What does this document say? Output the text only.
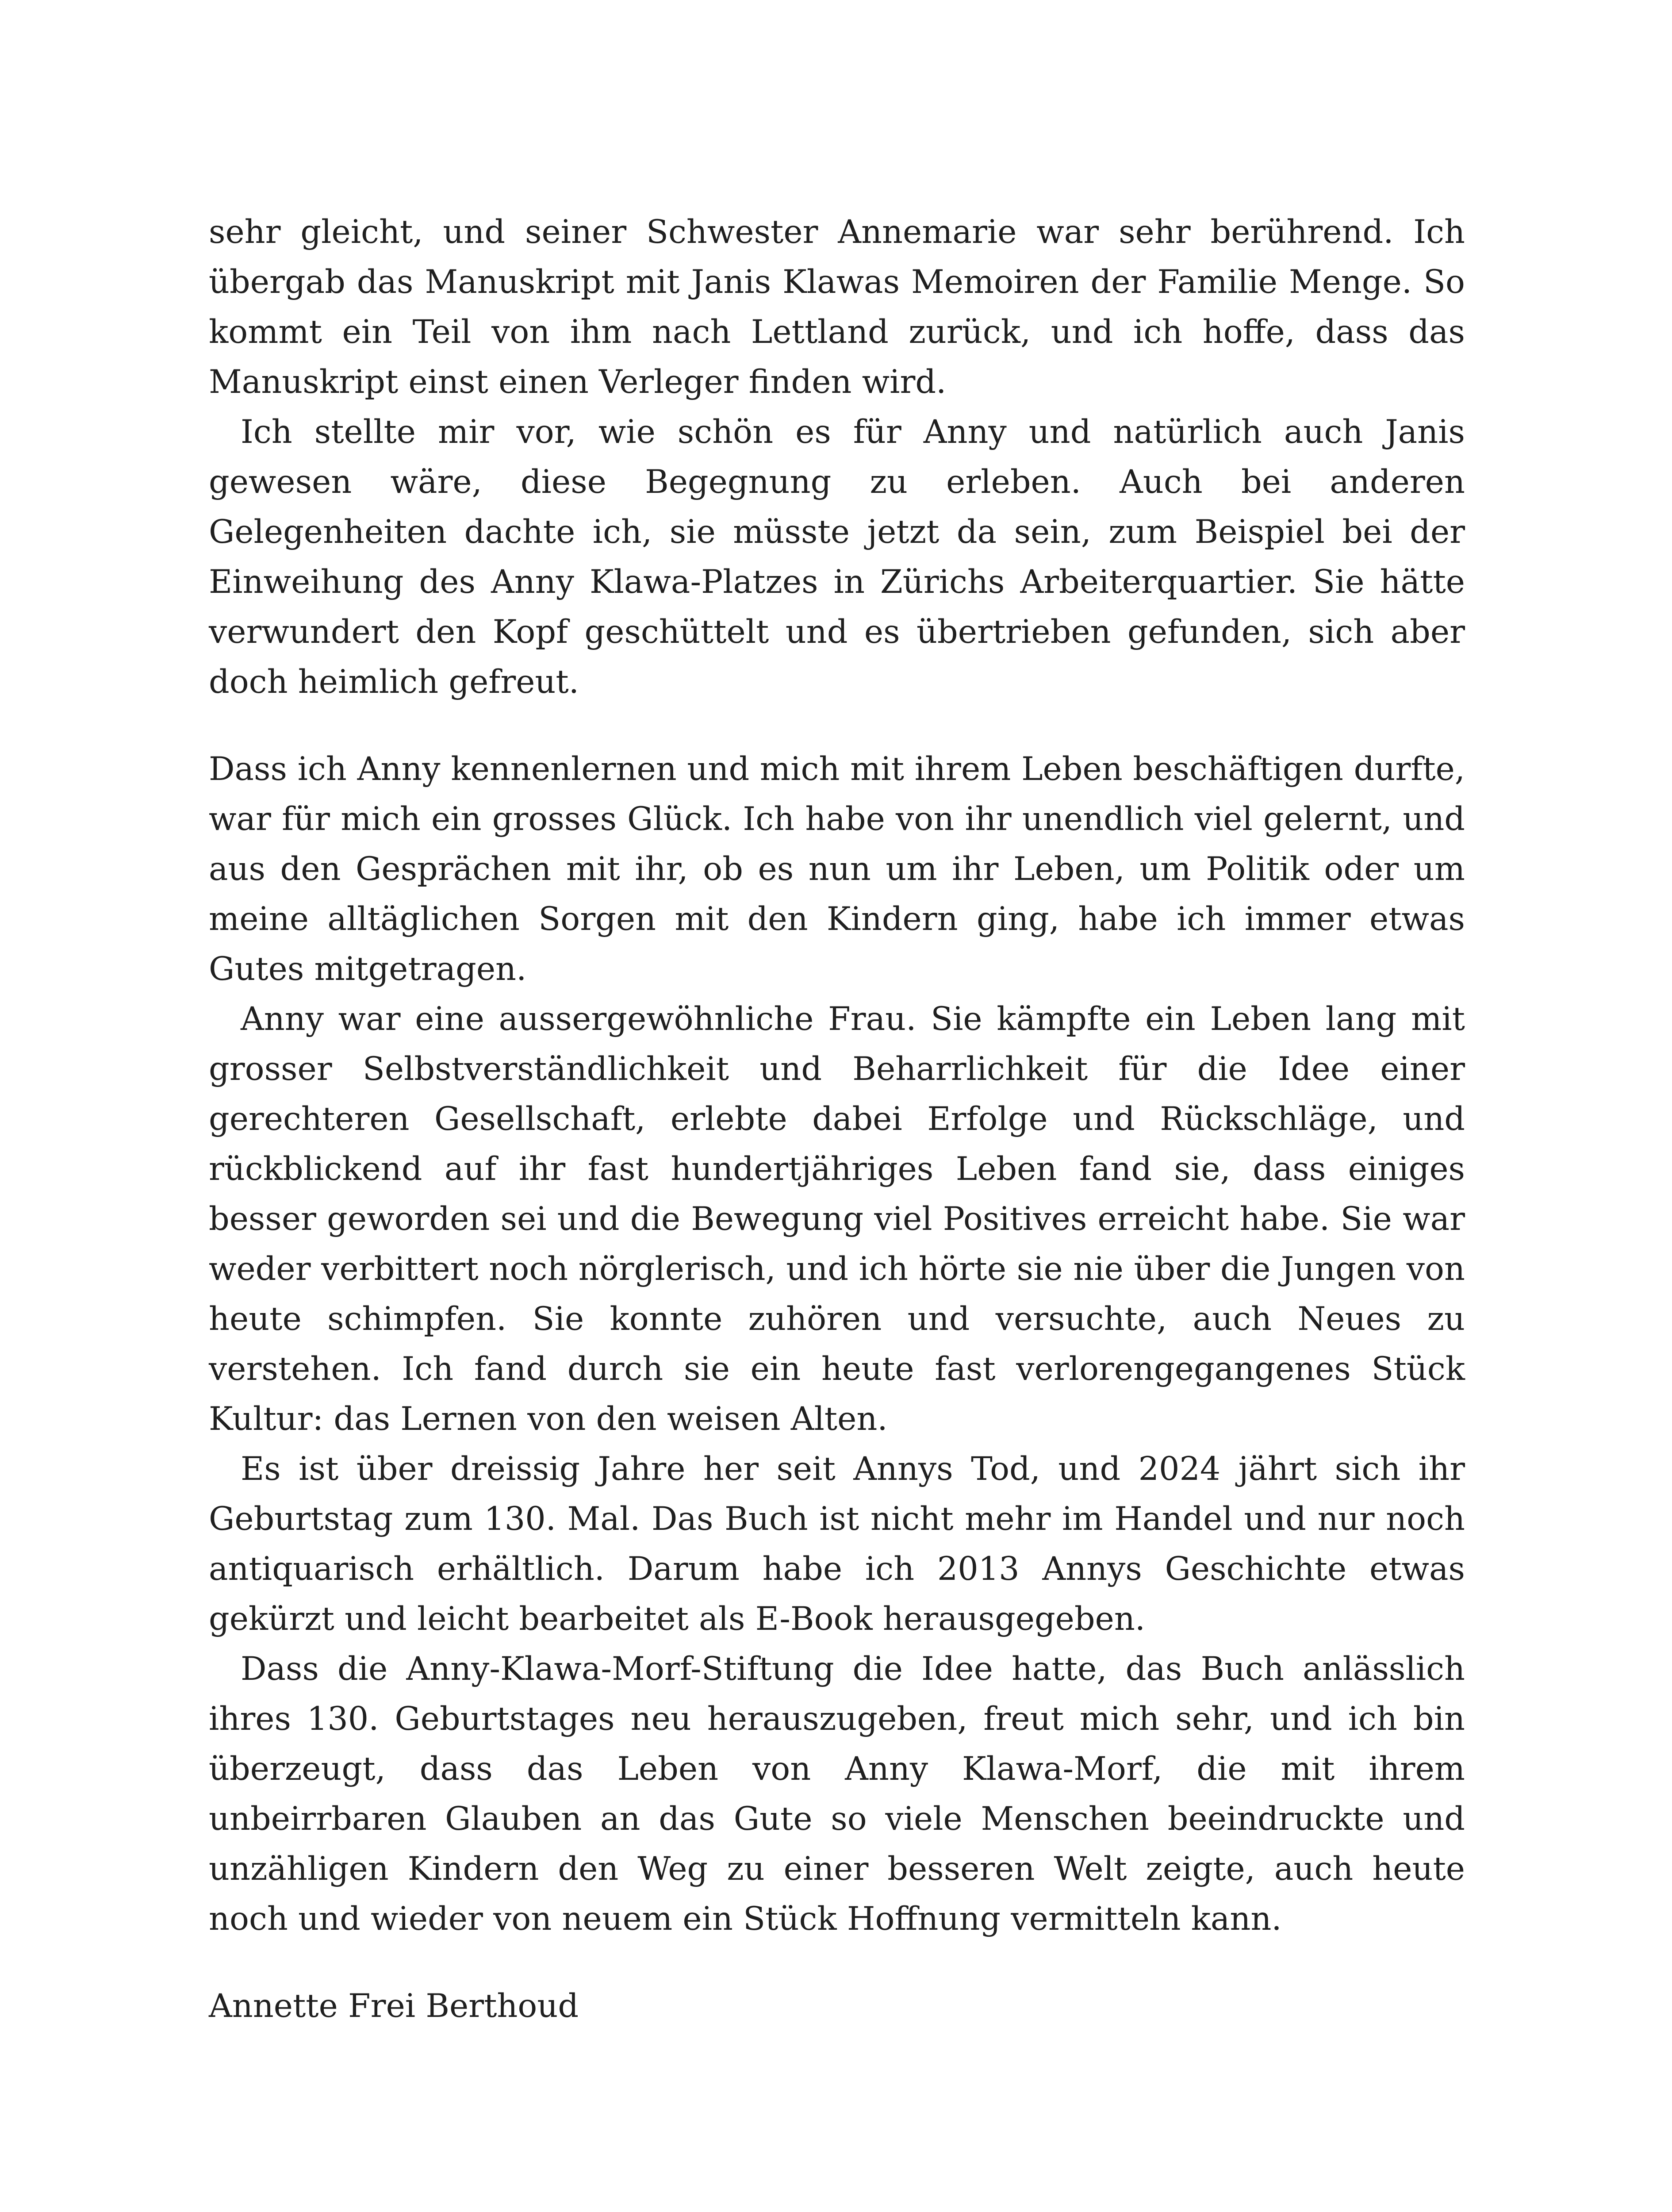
sehr gleicht, und seiner Schwester Annemarie war sehr berührend. Ich übergab das Manuskript mit Janis Klawas Memoiren der Familie Menge. So kommt ein Teil von ihm nach Lettland zurück, und ich hoffe, dass das Manuskript einst einen Verleger finden wird.

Ich stellte mir vor, wie schön es für Anny und natürlich auch Janis gewesen wäre, diese Begegnung zu erleben. Auch bei anderen Gelegenheiten dachte ich, sie müsste jetzt da sein, zum Beispiel bei der Einweihung des Anny Klawa-Platzes in Zürichs Arbeiterquartier. Sie hätte verwundert den Kopf geschüttelt und es übertrieben gefunden, sich aber doch heimlich gefreut.

Dass ich Anny kennenlernen und mich mit ihrem Leben beschäftigen durfte, war für mich ein grosses Glück. Ich habe von ihr unendlich viel gelernt, und aus den Gesprächen mit ihr, ob es nun um ihr Leben, um Politik oder um meine alltäglichen Sorgen mit den Kindern ging, habe ich immer etwas Gutes mitgetragen.

Anny war eine aussergewöhnliche Frau. Sie kämpfte ein Leben lang mit grosser Selbstverständlichkeit und Beharrlichkeit für die Idee einer gerechteren Gesellschaft, erlebte dabei Erfolge und Rückschläge, und rückblickend auf ihr fast hundertjähriges Leben fand sie, dass einiges besser geworden sei und die Bewegung viel Positives erreicht habe. Sie war weder verbittert noch nörglerisch, und ich hörte sie nie über die Jungen von heute schimpfen. Sie konnte zuhören und versuchte, auch Neues zu verstehen. Ich fand durch sie ein heute fast verlorengegangenes Stück Kultur: das Lernen von den weisen Alten.

Es ist über dreissig Jahre her seit Annys Tod, und 2024 jährt sich ihr Geburtstag zum 130. Mal. Das Buch ist nicht mehr im Handel und nur noch antiquarisch erhältlich. Darum habe ich 2013 Annys Geschichte etwas gekürzt und leicht bearbeitet als E-Book herausgegeben.

Dass die Anny-Klawa-Morf-Stiftung die Idee hatte, das Buch anlässlich ihres 130. Geburtstages neu herauszugeben, freut mich sehr, und ich bin überzeugt, dass das Leben von Anny Klawa-Morf, die mit ihrem unbeirrbaren Glauben an das Gute so viele Menschen beeindruckte und unzähligen Kindern den Weg zu einer besseren Welt zeigte, auch heute noch und wieder von neuem ein Stück Hoffnung vermitteln kann.

Annette Frei Berthoud
